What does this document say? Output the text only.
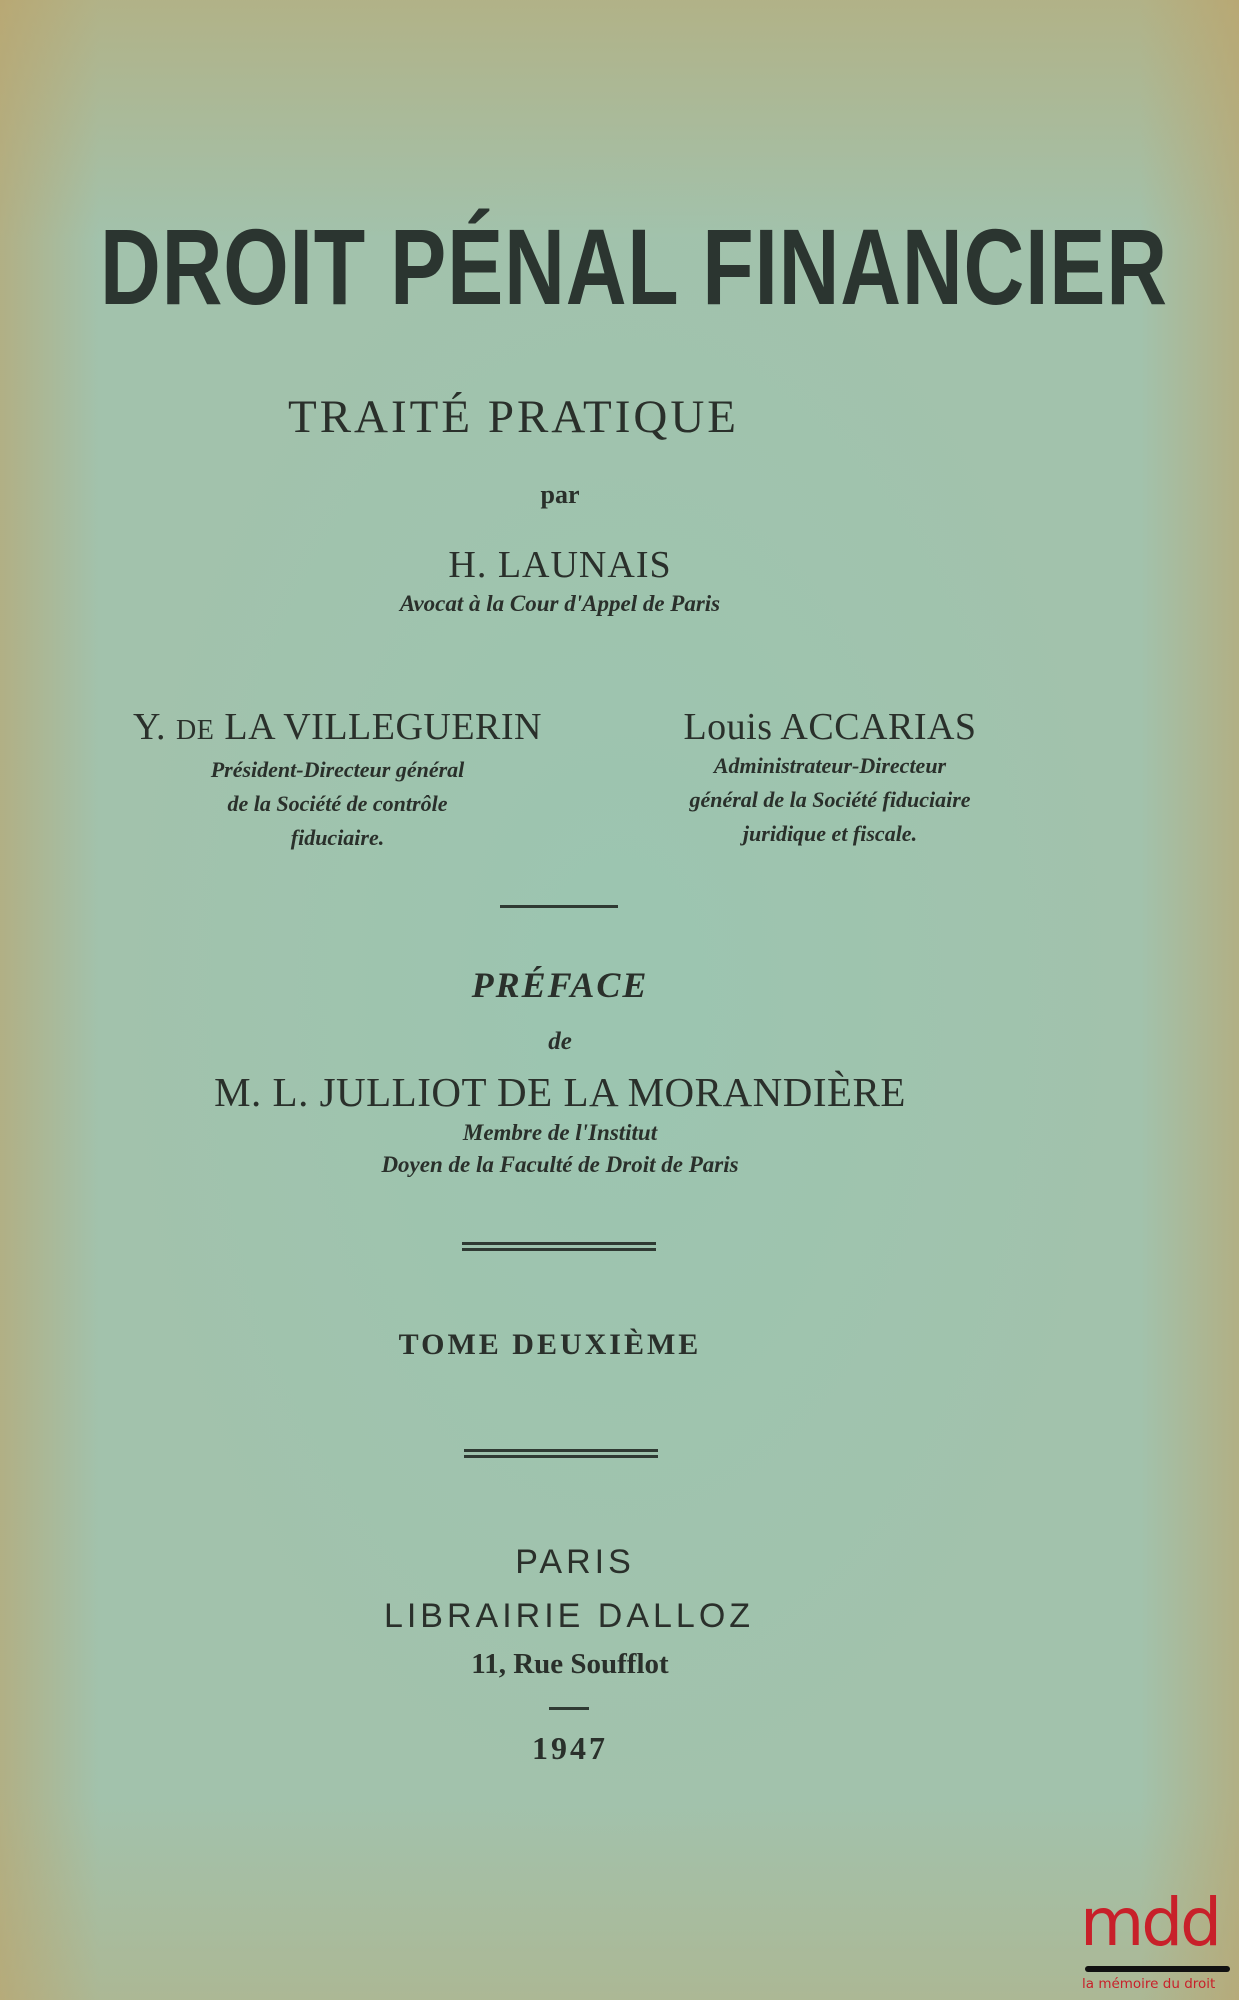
DROIT PÉNAL FINANCIER
TRAITÉ PRATIQUE
par
H. LAUNAIS
Avocat à la Cour d'Appel de Paris
Y. DE LA VILLEGUERIN
Président-Directeur général
de la Société de contrôle
fiduciaire.
Louis ACCARIAS
Administrateur-Directeur
général de la Société fiduciaire
juridique et fiscale.
PRÉFACE
de
M. L. JULLIOT DE LA MORANDIÈRE
Membre de l'Institut
Doyen de la Faculté de Droit de Paris
TOME DEUXIÈME
PARIS
LIBRAIRIE DALLOZ
11, Rue Soufflot
1947
mdd
la mémoire du droit
